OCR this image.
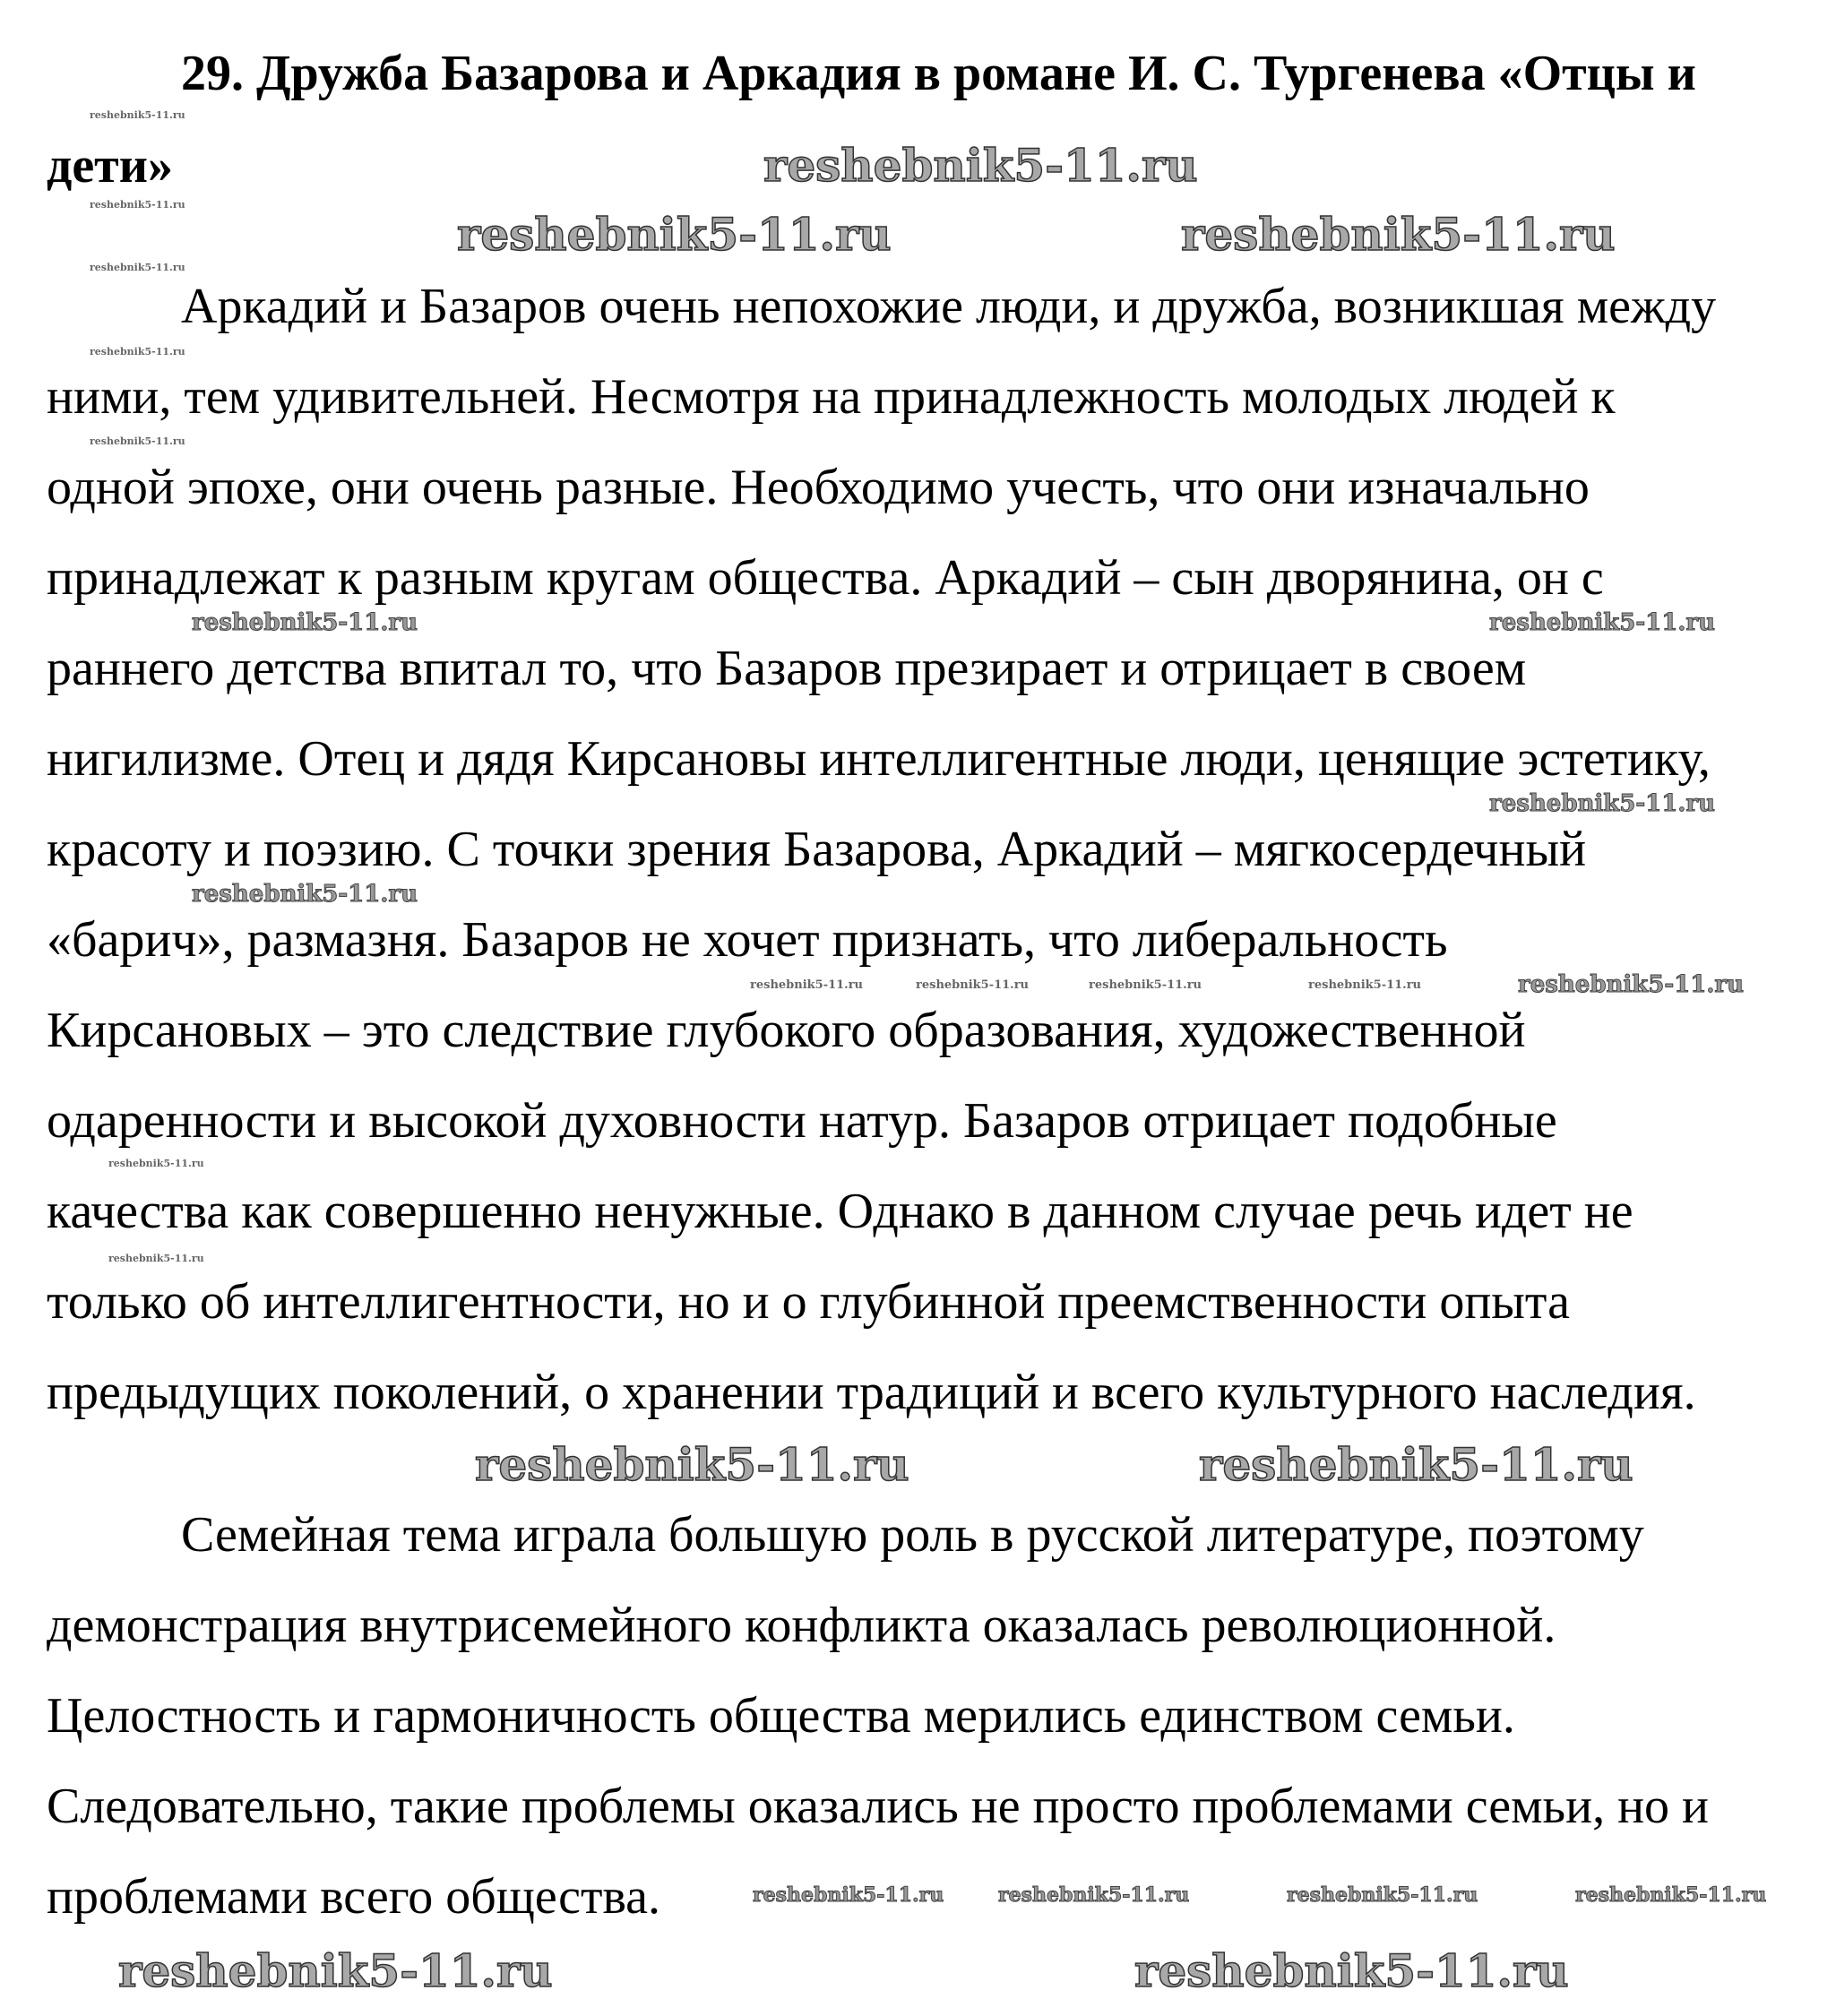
29. Дружба Базарова и Аркадия в романе И. С. Тургенева «Отцы и
дети»
Аркадий и Базаров очень непохожие люди, и дружба, возникшая между
ними, тем удивительней. Несмотря на принадлежность молодых людей к
одной эпохе, они очень разные. Необходимо учесть, что они изначально
принадлежат к разным кругам общества. Аркадий – сын дворянина, он с
раннего детства впитал то, что Базаров презирает и отрицает в своем
нигилизме. Отец и дядя Кирсановы интеллигентные люди, ценящие эстетику,
красоту и поэзию. С точки зрения Базарова, Аркадий – мягкосердечный
«барич», размазня. Базаров не хочет признать, что либеральность
Кирсановых – это следствие глубокого образования, художественной
одаренности и высокой духовности натур. Базаров отрицает подобные
качества как совершенно ненужные. Однако в данном случае речь идет не
только об интеллигентности, но и о глубинной преемственности опыта
предыдущих поколений, о хранении традиций и всего культурного наследия.
Семейная тема играла большую роль в русской литературе, поэтому
демонстрация внутрисемейного конфликта оказалась революционной.
Целостность и гармоничность общества мерились единством семьи.
Следовательно, такие проблемы оказались не просто проблемами семьи, но и
проблемами всего общества.
reshebnik5-11.ru
reshebnik5-11.ru
reshebnik5-11.ru
reshebnik5-11.ru
reshebnik5-11.ru
reshebnik5-11.ru	reshebnik5-11.ru
reshebnik5-11.ru
reshebnik5-11.ru
reshebnik5-11.ru
reshebnik5-11.ru
reshebnik5-11.ru
reshebnik5-11.ru	reshebnik5-11.ru	reshebnik5-11.ru	reshebnik5-11.ru	reshebnik5-11.ru
reshebnik5-11.ru
reshebnik5-11.ru
reshebnik5-11.ru	reshebnik5-11.ru
reshebnik5-11.ru	reshebnik5-11.ru
reshebnik5-11.ru	reshebnik5-11.ru	reshebnik5-11.ru	reshebnik5-11.ru
